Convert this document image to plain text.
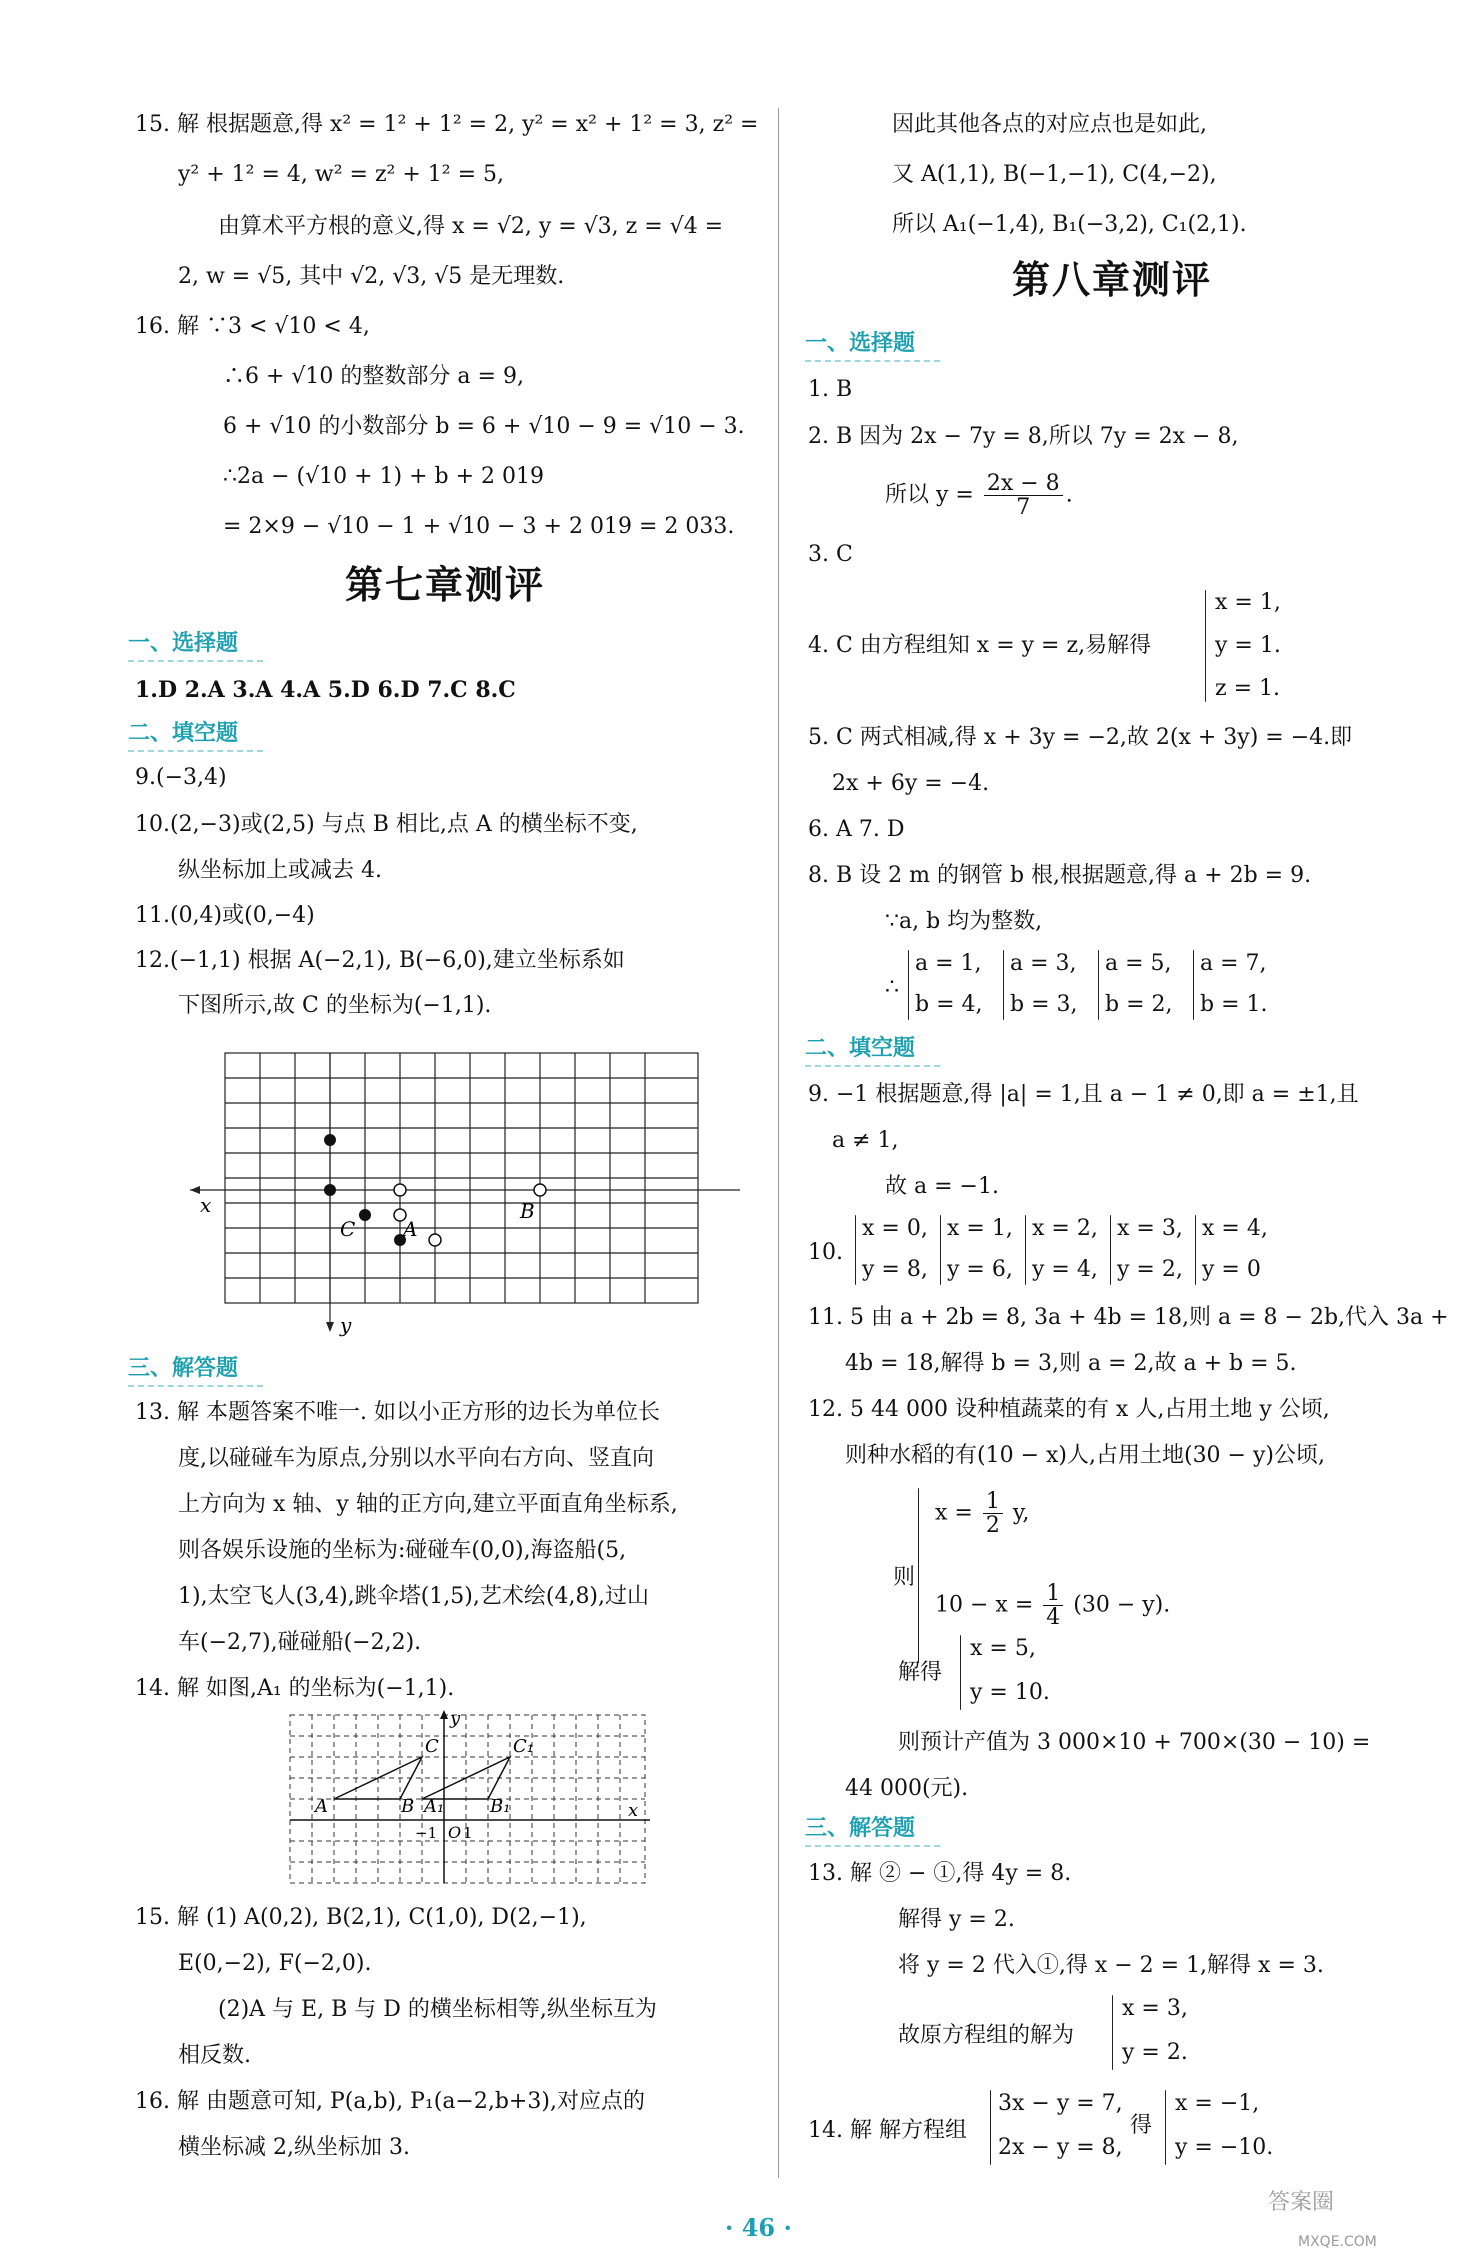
15. 解 根据题意,得 x² = 1² + 1² = 2, y² = x² + 1² = 3, z² =
y² + 1² = 4, w² = z² + 1² = 5,
由算术平方根的意义,得 x = √2, y = √3, z = √4 =
2, w = √5, 其中 √2, √3, √5 是无理数.
16. 解 ∵3 < √10 < 4,
∴6 + √10 的整数部分 a = 9,
6 + √10 的小数部分 b = 6 + √10 − 9 = √10 − 3.
∴2a − (√10 + 1) + b + 2 019
= 2×9 − √10 − 1 + √10 − 3 + 2 019 = 2 033.
第七章测评
一、选择题
1.D 2.A 3.A 4.A 5.D 6.D 7.C 8.C
二、填空题
9.(−3,4)
10.(2,−3)或(2,5) 与点 B 相比,点 A 的横坐标不变,
纵坐标加上或减去 4.
11.(0,4)或(0,−4)
12.(−1,1) 根据 A(−2,1), B(−6,0),建立坐标系如
下图所示,故 C 的坐标为(−1,1).
x
y
B
C A
三、解答题
13. 解 本题答案不唯一. 如以小正方形的边长为单位长
度,以碰碰车为原点,分别以水平向右方向、竖直向
上方向为 x 轴、y 轴的正方向,建立平面直角坐标系,
则各娱乐设施的坐标为:碰碰车(0,0),海盗船(5,
1),太空飞人(3,4),跳伞塔(1,5),艺术绘(4,8),过山
车(−2,7),碰碰船(−2,2).
14. 解 如图,A₁ 的坐标为(−1,1).
y
x
O
−1 1
C	C₁
A	B A₁	B₁
15. 解 (1) A(0,2), B(2,1), C(1,0), D(2,−1),
E(0,−2), F(−2,0).
(2)A 与 E, B 与 D 的横坐标相等,纵坐标互为
相反数.
16. 解 由题意可知, P(a,b), P₁(a−2,b+3),对应点的
横坐标减 2,纵坐标加 3.
因此其他各点的对应点也是如此,
又 A(1,1), B(−1,−1), C(4,−2),
所以 A₁(−1,4), B₁(−3,2), C₁(2,1).
第八章测评
一、选择题
1. B
2. B 因为 2x − 7y = 8,所以 7y = 2x − 8,
所以 $y = \frac{2x - 8}{7}$ .
3. C
4. C 由方程组知 x = y = z,易解得
x = 1,
y = 1.
z = 1.
5. C 两式相减,得 x + 3y = −2,故 2(x + 3y) = −4.即
2x + 6y = −4.
6. A 7. D
8. B 设 2 m 的钢管 b 根,根据题意,得 a + 2b = 9.
∵a, b 均为整数,
∴
a = 1,
b = 4,
a = 3,
b = 3,
a = 5,
b = 2,
a = 7,
b = 1.
二、填空题
9. −1 根据题意,得 |a| = 1,且 a − 1 ≠ 0,即 a = ±1,且
a ≠ 1,
故 a = −1.
10.
x = 0,
y = 8,
x = 1,
y = 6,
x = 2,
y = 4,
x = 3,
y = 2,
x = 4,
y = 0
11. 5 由 a + 2b = 8, 3a + 4b = 18,则 a = 8 − 2b,代入 3a +
4b = 18,解得 b = 3,则 a = 2,故 a + b = 5.
12. 5 44 000 设种植蔬菜的有 x 人,占用土地 y 公顷,
则种水稻的有(10 − x)人,占用土地(30 − y)公顷,
则
$x = \frac{1}{2} y$,
$10 - x = \frac{1}{4} (30 - y)$.
解得
x = 5,
y = 10.
则预计产值为 3 000×10 + 700×(30 − 10) =
44 000(元).
三、解答题
13. 解 ② − ①,得 4y = 8.
解得 y = 2.
将 y = 2 代入①,得 x − 2 = 1,解得 x = 3.
故原方程组的解为
x = 3,
y = 2.
14. 解 解方程组
3x − y = 7,
2x − y = 8,
得
x = −1,
y = −10.
· 46 ·
答案圈
MXQE.COM
